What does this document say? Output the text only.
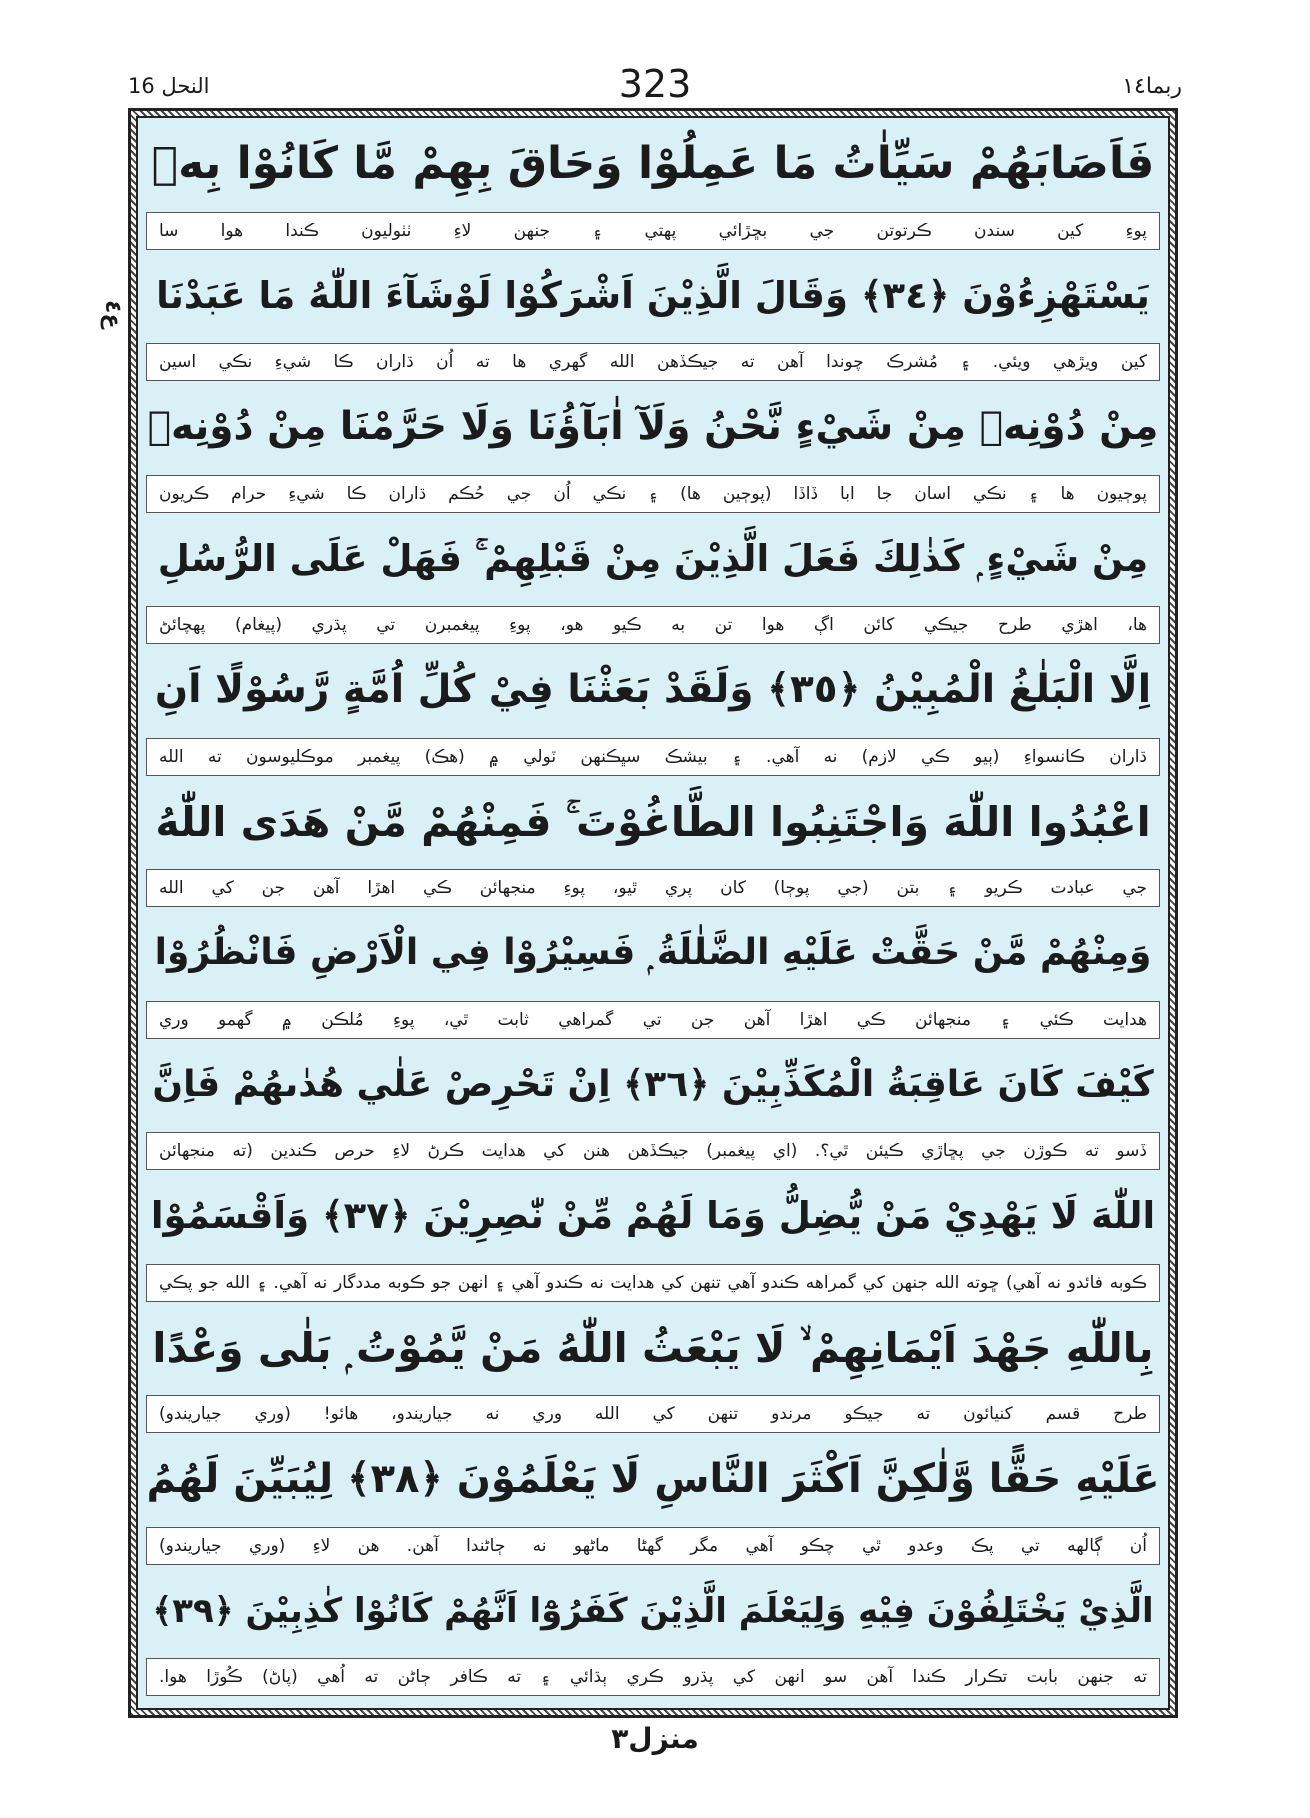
النحل 16	323	ربما١٤
ع٤
فَاَصَابَهُمْ سَيِّاٰتُ مَا عَمِلُوْا وَحَاقَ بِهِمْ مَّا كَانُوْا بِهٖ
پوءِ کين سندن ڪرتوتن جي بڇڙائي پهتي ۽ جنهن لاءِ ٺٺوليون ڪندا هوا سا
يَسْتَهْزِءُوْنَ ﴿٣٤﴾ وَقَالَ الَّذِيْنَ اَشْرَكُوْا لَوْشَآءَ اللّٰهُ مَا عَبَدْنَا
کين ويڙهي ويئي. ۽ مُشرڪ چوندا آهن ته جيڪڏهن الله گهري ها ته اُن ڌاران ڪا شيءِ نڪي اسين
مِنْ دُوْنِهٖ مِنْ شَيْءٍ نَّحْنُ وَلَآ اٰبَآؤُنَا وَلَا حَرَّمْنَا مِنْ دُوْنِهٖ
پوڄيون ها ۽ نڪي اسان جا ابا ڏاڏا (پوڄين ها) ۽ نڪي اُن جي حُڪم ڌاران ڪا شيءِ حرام ڪريون
مِنْ شَيْءٍ ۭ كَذٰلِكَ فَعَلَ الَّذِيْنَ مِنْ قَبْلِهِمْ ۚ فَهَلْ عَلَى الرُّسُلِ
ها، اهڙي طرح جيڪي کائن اڳ هوا تن به ڪيو هو، پوءِ پيغمبرن تي پڌري (پيغام) پهچائڻ
اِلَّا الْبَلٰغُ الْمُبِيْنُ ﴿٣٥﴾ وَلَقَدْ بَعَثْنَا فِيْ كُلِّ اُمَّةٍ رَّسُوْلًا اَنِ
ڌاران ڪانسواءِ (ٻيو ڪي لازم) نه آهي. ۽ بيشڪ سڀڪنهن ٽولي ۾ (هڪ) پيغمبر موڪليوسون ته الله
اعْبُدُوا اللّٰهَ وَاجْتَنِبُوا الطَّاغُوْتَ ۚ فَمِنْهُمْ مَّنْ هَدَى اللّٰهُ
جي عبادت ڪريو ۽ بتن (جي پوڄا) کان پري ٿيو، پوءِ منجهائن ڪي اهڙا آهن جن کي الله
وَمِنْهُمْ مَّنْ حَقَّتْ عَلَيْهِ الضَّلٰلَةُ ۭ فَسِيْرُوْا فِي الْاَرْضِ فَانْظُرُوْا
هدايت ڪئي ۽ منجهائن ڪي اهڙا آهن جن تي گمراهي ثابت ٿي، پوءِ مُلڪن ۾ گهمو وري
كَيْفَ كَانَ عَاقِبَةُ الْمُكَذِّبِيْنَ ﴿٣٦﴾ اِنْ تَحْرِصْ عَلٰي هُدٰىهُمْ فَاِنَّ
ڏسو ته ڪوڙن جي پڇاڙي ڪيئن ٿي؟. (اي پيغمبر) جيڪڏهن هنن کي هدايت ڪرڻ لاءِ حرص ڪندين (ته منجهائن
اللّٰهَ لَا يَهْدِيْ مَنْ يُّضِلُّ وَمَا لَهُمْ مِّنْ نّٰصِرِيْنَ ﴿٣٧﴾ وَاَقْسَمُوْا
ڪوبه فائدو نه آهي) ڇوته الله جنهن کي گمراهه ڪندو آهي تنهن کي هدايت نه ڪندو آهي ۽ انهن جو ڪوبه مددگار نه آهي. ۽ الله جو پڪي
بِاللّٰهِ جَهْدَ اَيْمَانِهِمْ ۙ لَا يَبْعَثُ اللّٰهُ مَنْ يَّمُوْتُ ۭ بَلٰى وَعْدًا
طرح قسم کنيائون ته جيڪو مرندو تنهن کي الله وري نه جياريندو، هائو! (وري جياريندو)
عَلَيْهِ حَقًّا وَّلٰكِنَّ اَكْثَرَ النَّاسِ لَا يَعْلَمُوْنَ ﴿٣٨﴾ لِيُبَيِّنَ لَهُمُ
اُن ڳالهه تي پڪ وعدو ٿي چڪو آهي مگر گهڻا ماڻهو نه ڄاڻندا آهن. هن لاءِ (وري جياريندو)
الَّذِيْ يَخْتَلِفُوْنَ فِيْهِ وَلِيَعْلَمَ الَّذِيْنَ كَفَرُوْٓا اَنَّهُمْ كَانُوْا كٰذِبِيْنَ ﴿٣٩﴾
ته جنهن بابت تڪرار ڪندا آهن سو انهن کي پڌرو ڪري ٻڌائي ۽ ته ڪافر ڄاڻن ته اُهي (پاڻ) ڪُوڙا هوا.
منزل٣
